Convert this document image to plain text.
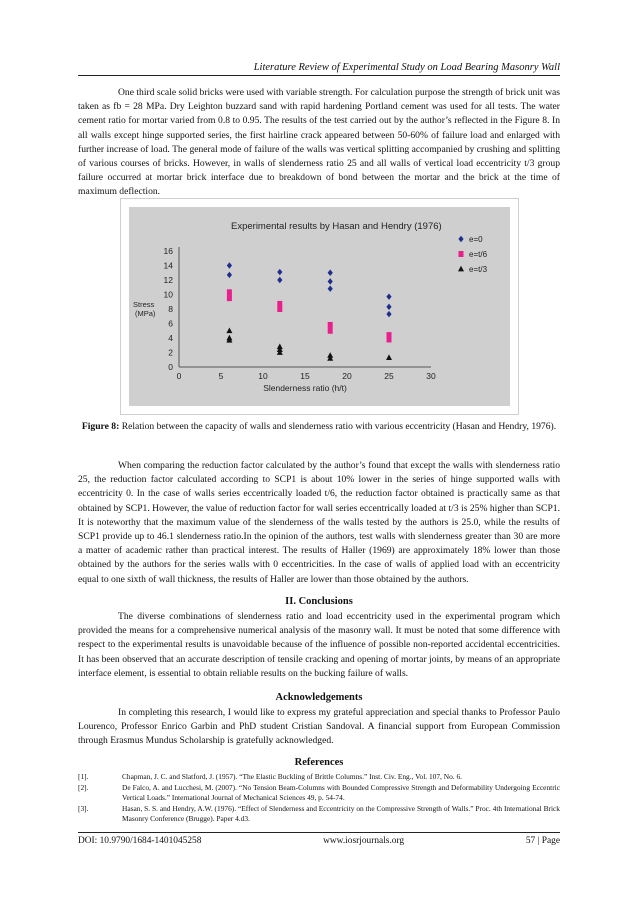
Literature Review of Experimental Study on Load Bearing Masonry Wall

One third scale solid bricks were used with variable strength. For calculation purpose the strength of brick unit was taken as fb = 28 MPa. Dry Leighton buzzard sand with rapid hardening Portland cement was used for all tests. The water cement ratio for mortar varied from 0.8 to 0.95. The results of the test carried out by the author’s reflected in the Figure 8. In all walls except hinge supported series, the first hairline crack appeared between 50-60% of failure load and enlarged with further increase of load. The general mode of failure of the walls was vertical splitting accompanied by crushing and splitting of various courses of bricks. However, in walls of slenderness ratio 25 and all walls of vertical load eccentricity t/3 group failure occurred at mortar brick interface due to breakdown of bond between the mortar and the brick at the time of maximum deflection.

Experimental results by Hasan and Hendry (1976)
0
2
4
6
8
10
12
14
16
0	5	10	15	20	25	30
Stress (MPa)
Slenderness ratio (h/t)
e=0
e=t/6
e=t/3
Figure 8: Relation between the capacity of walls and slenderness ratio with various eccentricity (Hasan and Hendry, 1976).

When comparing the reduction factor calculated by the author’s found that except the walls with slenderness ratio 25, the reduction factor calculated according to SCP1 is about 10% lower in the series of hinge supported walls with eccentricity 0. In the case of walls series eccentrically loaded t/6, the reduction factor obtained is practically same as that obtained by SCP1. However, the value of reduction factor for wall series eccentrically loaded at t/3 is 25% higher than SCP1. It is noteworthy that the maximum value of the slenderness of the walls tested by the authors is 25.0, while the results of SCP1 provide up to 46.1 slenderness ratio.In the opinion of the authors, test walls with slenderness greater than 30 are more a matter of academic rather than practical interest. The results of Haller (1969) are approximately 18% lower than those obtained by the authors for the series walls with 0 eccentricities. In the case of walls of applied load with an eccentricity equal to one sixth of wall thickness, the results of Haller are lower than those obtained by the authors.

II. Conclusions

The diverse combinations of slenderness ratio and load eccentricity used in the experimental program which provided the means for a comprehensive numerical analysis of the masonry wall. It must be noted that some difference with respect to the experimental results is unavoidable because of the influence of possible non-reported accidental eccentricities. It has been observed that an accurate description of tensile cracking and opening of mortar joints, by means of an appropriate interface element, is essential to obtain reliable results on the bucking failure of walls.

Acknowledgements

In completing this research, I would like to express my grateful appreciation and special thanks to Professor Paulo Lourenco, Professor Enrico Garbin and PhD student Cristian Sandoval. A financial support from European Commission through Erasmus Mundus Scholarship is gratefully acknowledged.

References
[1].	Chapman, J. C. and Slatford, J. (1957). “The Elastic Buckling of Brittle Columns.” Inst. Civ. Eng., Vol. 107, No. 6.
[2].	De Falco, A. and Lucchesi, M. (2007). “No Tension Beam-Columns with Bounded Compressive Strength and Deformability Undergoing Eccentric Vertical Loads.” International Journal of Mechanical Sciences 49, p. 54-74.
[3].	Hasan, S. S. and Hendry, A.W. (1976). “Effect of Slenderness and Eccentricity on the Compressive Strength of Walls.” Proc. 4th International Brick Masonry Conference (Brugge). Paper 4.d3.
DOI: 10.9790/1684-1401045258	www.iosrjournals.org	57 | Page
